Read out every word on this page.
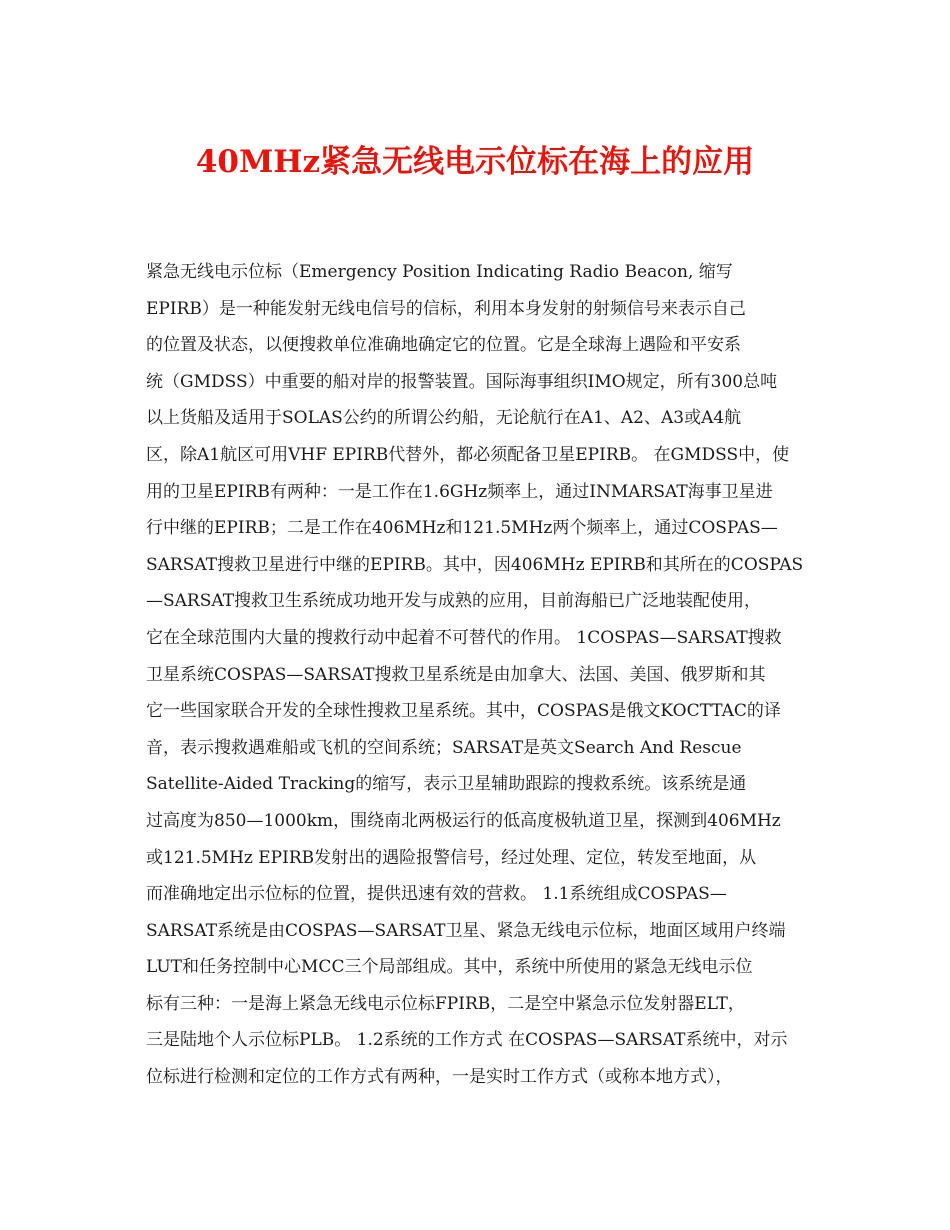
40MHz紧急无线电示位标在海上的应用
紧急无线电示位标（Emergency Position Indicating Radio Beacon, 缩写
EPIRB）是一种能发射无线电信号的信标，利用本身发射的射频信号来表示自己
的位置及状态，以便搜救单位准确地确定它的位置。它是全球海上遇险和平安系
统（GMDSS）中重要的船对岸的报警装置。国际海事组织IMO规定，所有300总吨
以上货船及适用于SOLAS公约的所谓公约船，无论航行在A1、A2、A3或A4航
区，除A1航区可用VHF EPIRB代替外，都必须配备卫星EPIRB。 在GMDSS中，使
用的卫星EPIRB有两种：一是工作在1.6GHz频率上，通过INMARSAT海事卫星进
行中继的EPIRB；二是工作在406MHz和121.5MHz两个频率上，通过COSPAS—
SARSAT搜救卫星进行中继的EPIRB。其中，因406MHz EPIRB和其所在的COSPAS
—SARSAT搜救卫生系统成功地开发与成熟的应用，目前海船已广泛地装配使用，
它在全球范围内大量的搜救行动中起着不可替代的作用。 1COSPAS—SARSAT搜救
卫星系统COSPAS—SARSAT搜救卫星系统是由加拿大、法国、美国、俄罗斯和其
它一些国家联合开发的全球性搜救卫星系统。其中，COSPAS是俄文KOCTTAC的译
音，表示搜救遇难船或飞机的空间系统；SARSAT是英文Search And Rescue
Satellite-Aided Tracking的缩写，表示卫星辅助跟踪的搜救系统。该系统是通
过高度为850—1000km，围绕南北两极运行的低高度极轨道卫星，探测到406MHz
或121.5MHz EPIRB发射出的遇险报警信号，经过处理、定位，转发至地面，从
而准确地定出示位标的位置，提供迅速有效的营救。 1.1系统组成COSPAS—
SARSAT系统是由COSPAS—SARSAT卫星、紧急无线电示位标，地面区域用户终端
LUT和任务控制中心MCC三个局部组成。其中，系统中所使用的紧急无线电示位
标有三种：一是海上紧急无线电示位标FPIRB，二是空中紧急示位发射器ELT，
三是陆地个人示位标PLB。 1.2系统的工作方式 在COSPAS—SARSAT系统中，对示
位标进行检测和定位的工作方式有两种，一是实时工作方式（或称本地方式），
